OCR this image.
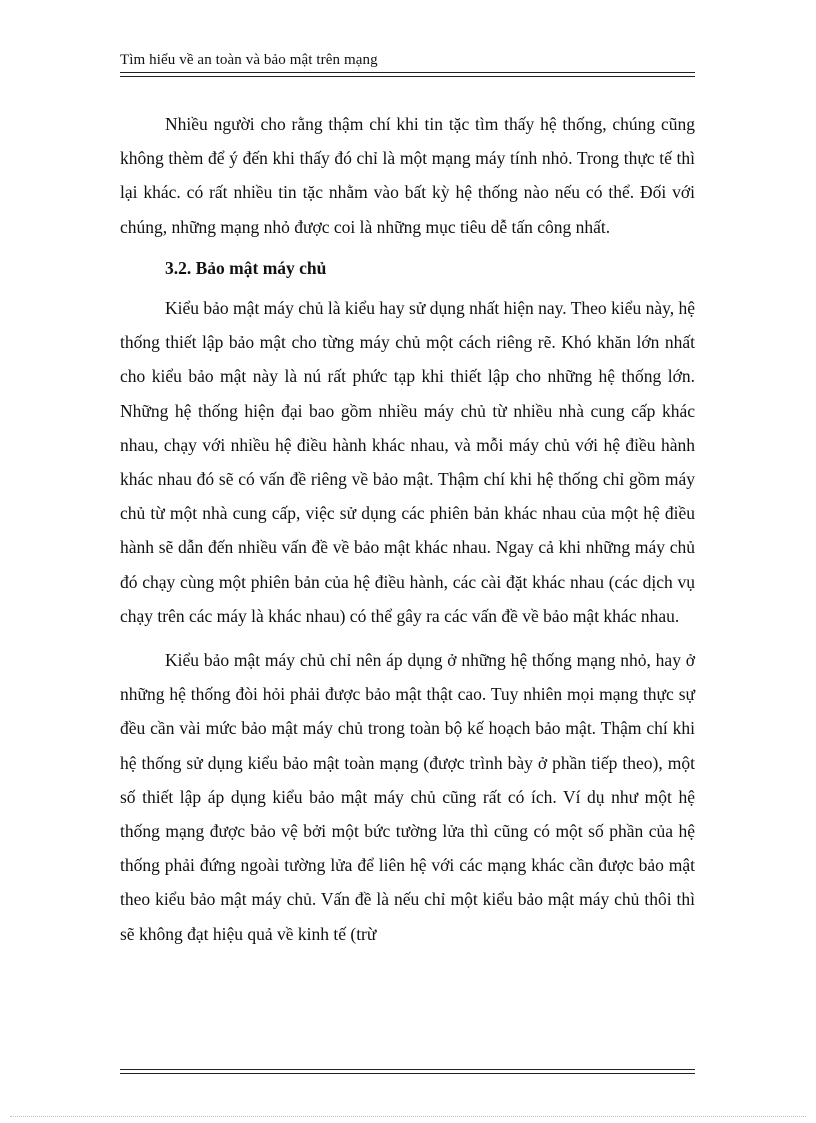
Tìm hiểu về an toàn và bảo mật trên mạng

Nhiều người cho rằng thậm chí khi tin tặc tìm thấy hệ thống, chúng cũng không thèm để ý đến khi thấy đó chỉ là một mạng máy tính nhỏ. Trong thực tế thì lại khác. có rất nhiều tin tặc nhằm vào bất kỳ hệ thống nào nếu có thể. Đối với chúng, những mạng nhỏ được coi là những mục tiêu dễ tấn công nhất.

3.2. Bảo mật máy chủ

Kiểu bảo mật máy chủ là kiểu hay sử dụng nhất hiện nay. Theo kiểu này, hệ thống thiết lập bảo mật cho từng máy chủ một cách riêng rẽ. Khó khăn lớn nhất cho kiểu bảo mật này là nú rất phức tạp khi thiết lập cho những hệ thống lớn. Những hệ thống hiện đại bao gồm nhiều máy chủ từ nhiều nhà cung cấp khác nhau, chạy với nhiều hệ điều hành khác nhau, và mỗi máy chủ với hệ điều hành khác nhau đó sẽ có vấn đề riêng về bảo mật. Thậm chí khi hệ thống chỉ gồm máy chủ từ một nhà cung cấp, việc sử dụng các phiên bản khác nhau của một hệ điều hành sẽ dẫn đến nhiều vấn đề về bảo mật khác nhau. Ngay cả khi những máy chủ đó chạy cùng một phiên bản của hệ điều hành, các cài đặt khác nhau (các dịch vụ chạy trên các máy là khác nhau) có thể gây ra các vấn đề về bảo mật khác nhau.

Kiểu bảo mật máy chủ chỉ nên áp dụng ở những hệ thống mạng nhỏ, hay ở những hệ thống đòi hỏi phải được bảo mật thật cao. Tuy nhiên mọi mạng thực sự đều cần vài mức bảo mật máy chủ trong toàn bộ kế hoạch bảo mật. Thậm chí khi hệ thống sử dụng kiểu bảo mật toàn mạng (được trình bày ở phần tiếp theo), một số thiết lập áp dụng kiểu bảo mật máy chủ cũng rất có ích. Ví dụ như một hệ thống mạng được bảo vệ bởi một bức tường lửa thì cũng có một số phần của hệ thống phải đứng ngoài tường lửa để liên hệ với các mạng khác cần được bảo mật theo kiểu bảo mật máy chủ. Vấn đề là nếu chỉ một kiểu bảo mật máy chủ thôi thì sẽ không đạt hiệu quả về kinh tế (trừ
